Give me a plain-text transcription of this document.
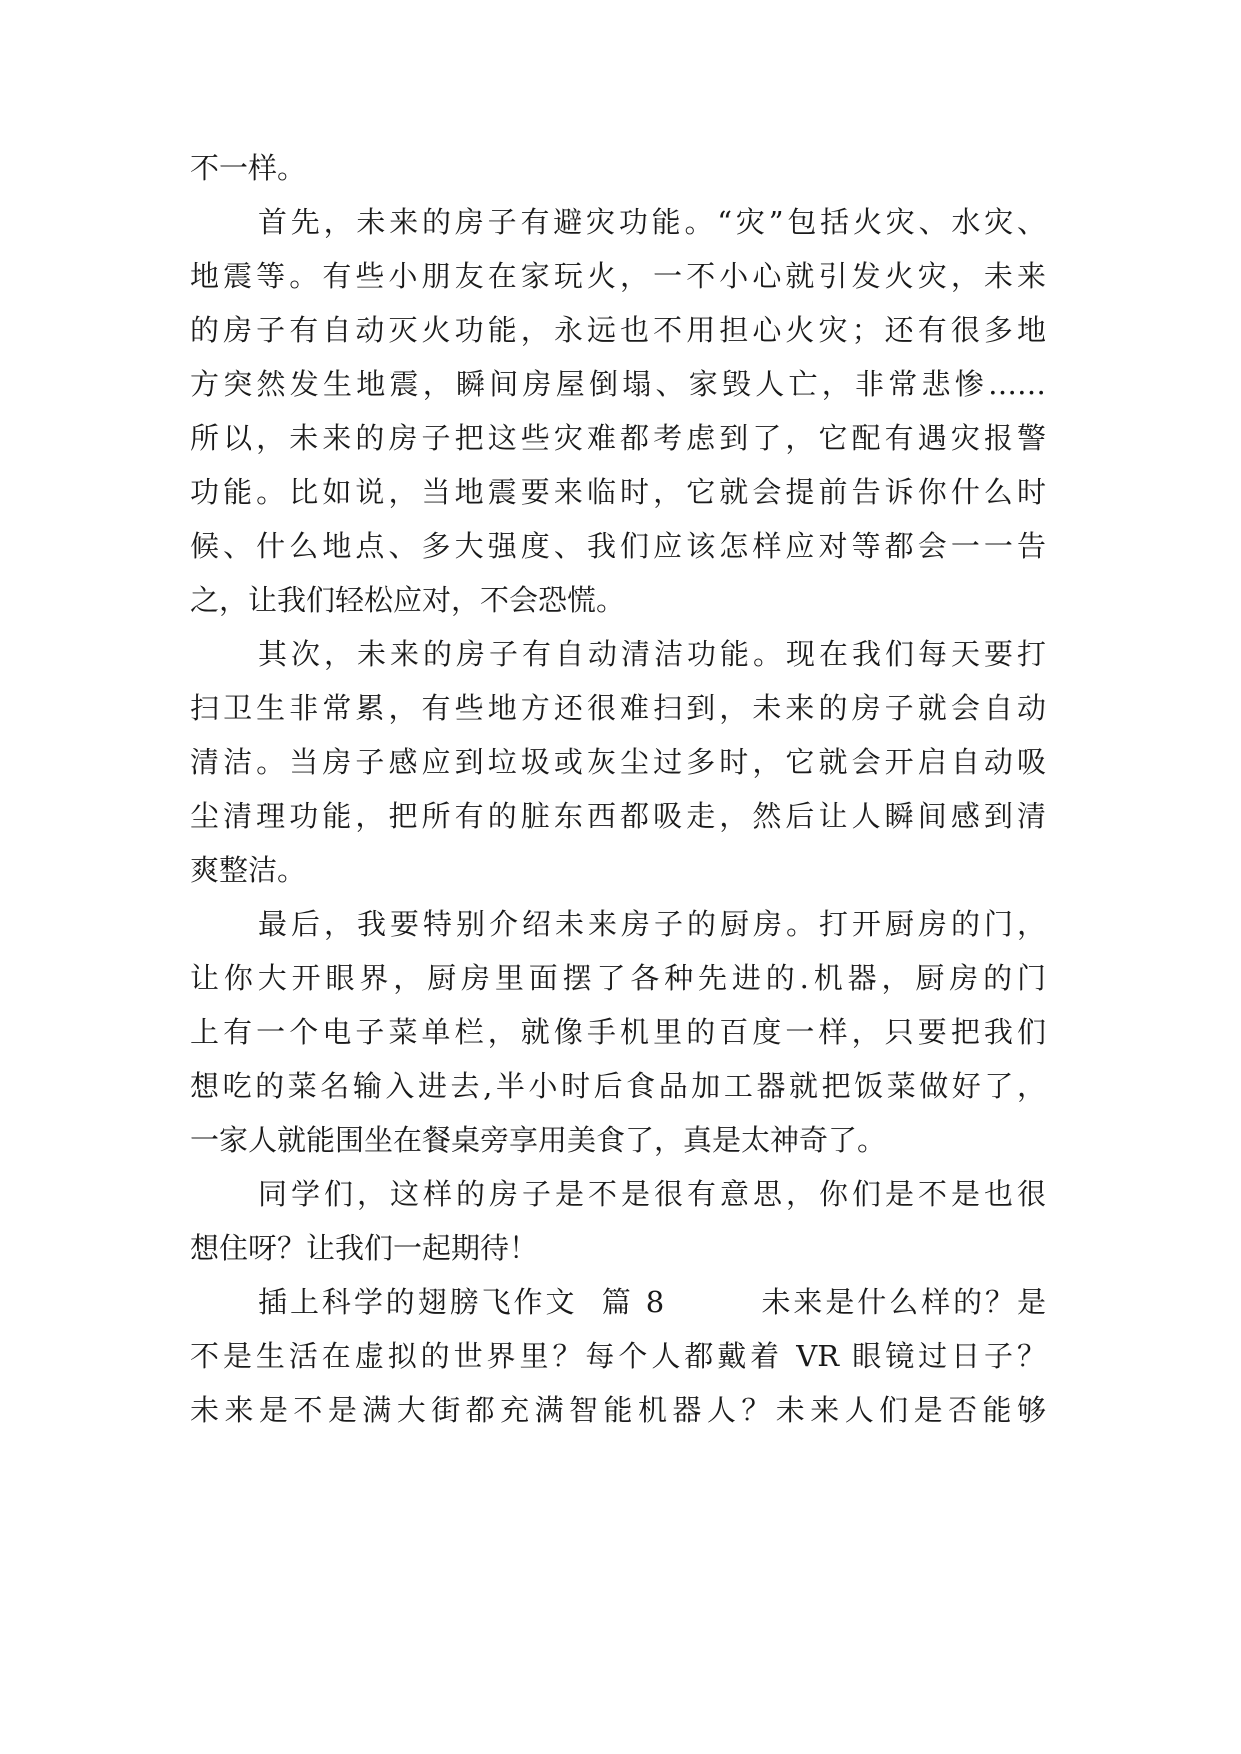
不一样。
首先，未来的房子有避灾功能。“灾”包括火灾、水灾、
地震等。有些小朋友在家玩火，一不小心就引发火灾，未来
的房子有自动灭火功能，永远也不用担心火灾；还有很多地
方突然发生地震，瞬间房屋倒塌、家毁人亡，非常悲惨……
所以，未来的房子把这些灾难都考虑到了，它配有遇灾报警
功能。比如说，当地震要来临时，它就会提前告诉你什么时
候、什么地点、多大强度、我们应该怎样应对等都会一一告
之，让我们轻松应对，不会恐慌。
其次，未来的房子有自动清洁功能。现在我们每天要打
扫卫生非常累，有些地方还很难扫到，未来的房子就会自动
清洁。当房子感应到垃圾或灰尘过多时，它就会开启自动吸
尘清理功能，把所有的脏东西都吸走，然后让人瞬间感到清
爽整洁。
最后，我要特别介绍未来房子的厨房。打开厨房的门，
让你大开眼界，厨房里面摆了各种先进的.机器，厨房的门
上有一个电子菜单栏，就像手机里的百度一样，只要把我们
想吃的菜名输入进去,半小时后食品加工器就把饭菜做好了，
一家人就能围坐在餐桌旁享用美食了，真是太神奇了。
同学们，这样的房子是不是很有意思，你们是不是也很
想住呀？让我们一起期待！
插上科学的翅膀飞作文  篇 8        未来是什么样的？是
不是生活在虚拟的世界里？每个人都戴着 VR 眼镜过日子？
未来是不是满大街都充满智能机器人？未来人们是否能够
